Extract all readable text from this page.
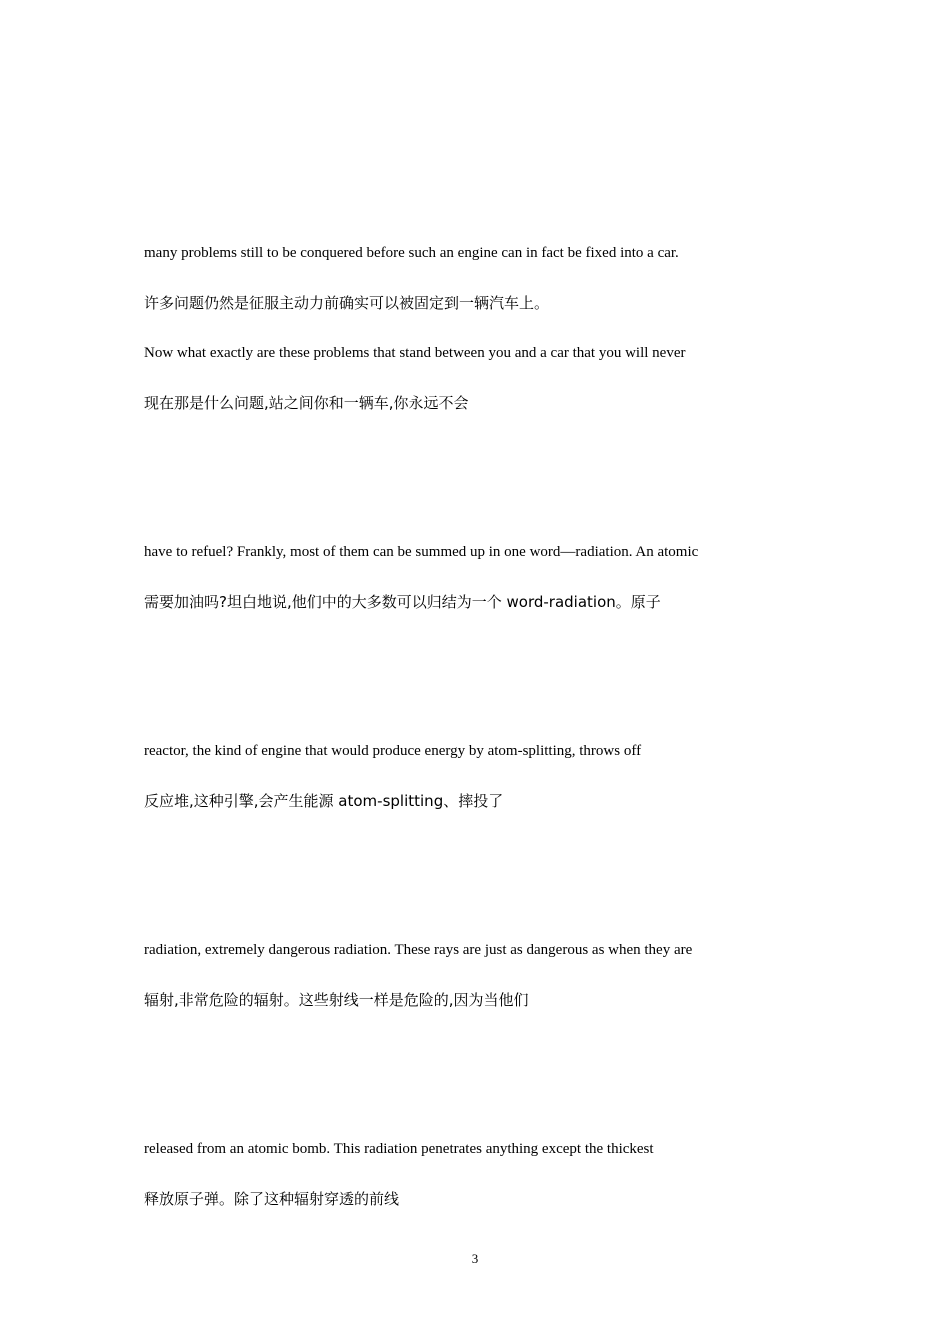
many problems still to be conquered before such an engine can in fact be fixed into a car.

许多问题仍然是征服主动力前确实可以被固定到一辆汽车上。

Now what exactly are these problems that stand between you and a car that you will never

现在那是什么问题,站之间你和一辆车,你永远不会

have to refuel? Frankly, most of them can be summed up in one word—radiation. An atomic

需要加油吗?坦白地说,他们中的大多数可以归结为一个 word-radiation。原子

reactor, the kind of engine that would produce energy by atom-splitting, throws off

反应堆,这种引擎,会产生能源 atom-splitting、摔投了

radiation, extremely dangerous radiation. These rays are just as dangerous as when they are

辐射,非常危险的辐射。这些射线一样是危险的,因为当他们

released from an atomic bomb. This radiation penetrates anything except the thickest

释放原子弹。除了这种辐射穿透的前线

3
